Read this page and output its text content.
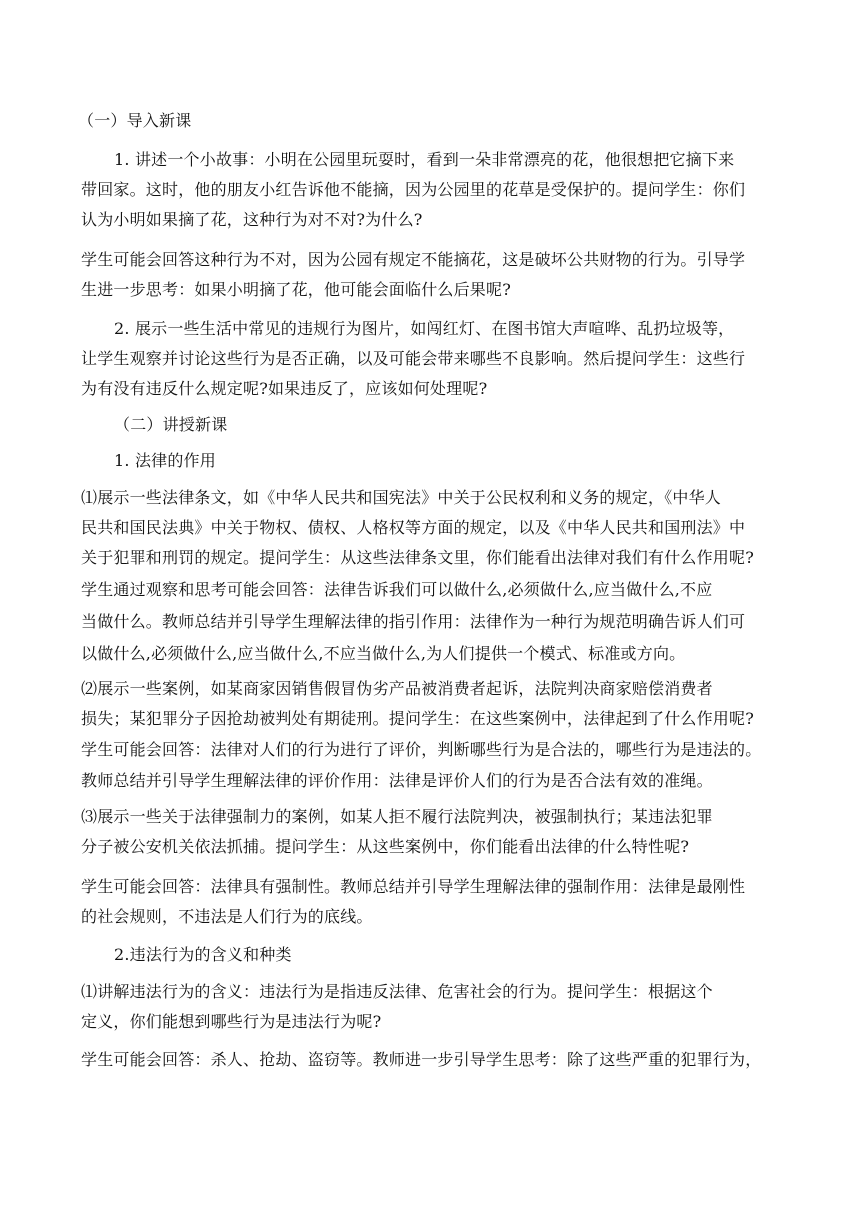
（一）导入新课
1. 讲述一个小故事：小明在公园里玩耍时，看到一朵非常漂亮的花，他很想把它摘下来
带回家。这时，他的朋友小红告诉他不能摘，因为公园里的花草是受保护的。提问学生：你们
认为小明如果摘了花，这种行为对不对?为什么?
学生可能会回答这种行为不对，因为公园有规定不能摘花，这是破坏公共财物的行为。引导学
生进一步思考：如果小明摘了花，他可能会面临什么后果呢?
2. 展示一些生活中常见的违规行为图片，如闯红灯、在图书馆大声喧哗、乱扔垃圾等，
让学生观察并讨论这些行为是否正确，以及可能会带来哪些不良影响。然后提问学生：这些行
为有没有违反什么规定呢?如果违反了，应该如何处理呢?
（二）讲授新课
1. 法律的作用
⑴展示一些法律条文，如《中华人民共和国宪法》中关于公民权利和义务的规定，《中华人
民共和国民法典》中关于物权、债权、人格权等方面的规定，以及《中华人民共和国刑法》中
关于犯罪和刑罚的规定。提问学生：从这些法律条文里，你们能看出法律对我们有什么作用呢?
学生通过观察和思考可能会回答：法律告诉我们可以做什么,必须做什么,应当做什么,不应
当做什么。教师总结并引导学生理解法律的指引作用：法律作为一种行为规范明确告诉人们可
以做什么,必须做什么,应当做什么,不应当做什么,为人们提供一个模式、标准或方向。
⑵展示一些案例，如某商家因销售假冒伪劣产品被消费者起诉，法院判决商家赔偿消费者
损失；某犯罪分子因抢劫被判处有期徒刑。提问学生：在这些案例中，法律起到了什么作用呢?
学生可能会回答：法律对人们的行为进行了评价，判断哪些行为是合法的，哪些行为是违法的。
教师总结并引导学生理解法律的评价作用：法律是评价人们的行为是否合法有效的准绳。
⑶展示一些关于法律强制力的案例，如某人拒不履行法院判决，被强制执行；某违法犯罪
分子被公安机关依法抓捕。提问学生：从这些案例中，你们能看出法律的什么特性呢?
学生可能会回答：法律具有强制性。教师总结并引导学生理解法律的强制作用：法律是最刚性
的社会规则，不违法是人们行为的底线。
2.违法行为的含义和种类
⑴讲解违法行为的含义：违法行为是指违反法律、危害社会的行为。提问学生：根据这个
定义，你们能想到哪些行为是违法行为呢?
学生可能会回答：杀人、抢劫、盗窃等。教师进一步引导学生思考：除了这些严重的犯罪行为，
